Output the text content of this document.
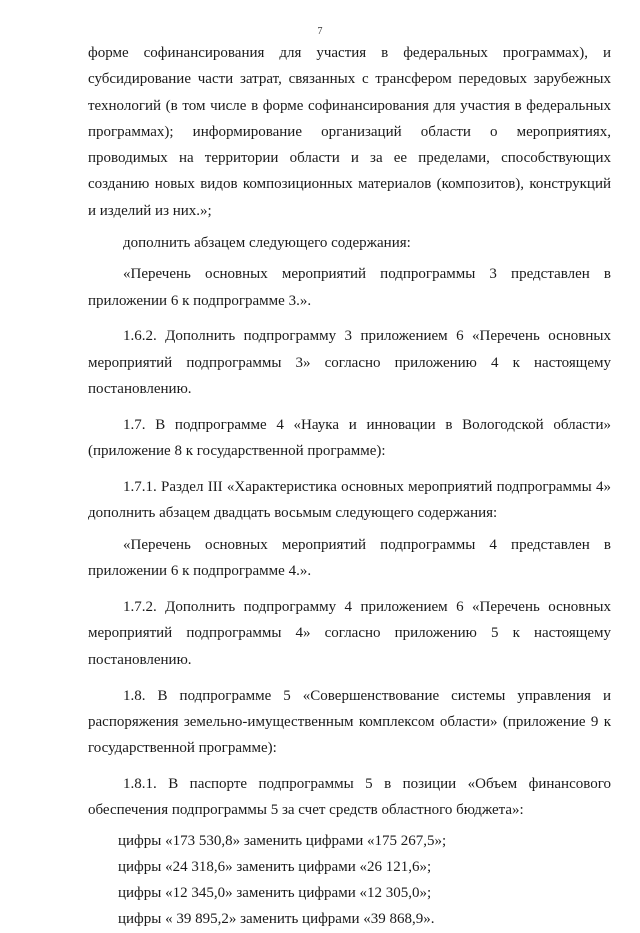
7

форме софинансирования для участия в федеральных программах), и субсидирование части затрат, связанных с трансфером передовых зарубежных технологий (в том числе в форме софинансирования для участия в федеральных программах); информирование организаций области о мероприятиях, проводимых на территории области и за ее пределами, способствующих созданию новых видов композиционных материалов (композитов), конструкций и изделий из них.»;

дополнить абзацем следующего содержания:

«Перечень основных мероприятий подпрограммы 3 представлен в приложении 6 к подпрограмме 3.».

1.6.2. Дополнить подпрограмму 3 приложением 6 «Перечень основных мероприятий подпрограммы 3» согласно приложению 4 к настоящему постановлению.

1.7. В подпрограмме 4 «Наука и инновации в Вологодской области» (приложение 8 к государственной программе):

1.7.1. Раздел III «Характеристика основных мероприятий подпрограммы 4» дополнить абзацем двадцать восьмым следующего содержания:

«Перечень основных мероприятий подпрограммы 4 представлен в приложении 6 к подпрограмме 4.».

1.7.2. Дополнить подпрограмму 4 приложением 6 «Перечень основных мероприятий подпрограммы 4» согласно приложению 5 к настоящему постановлению.

1.8. В подпрограмме 5 «Совершенствование системы управления и распоряжения земельно-имущественным комплексом области» (приложение 9 к государственной программе):

1.8.1. В паспорте подпрограммы 5 в позиции «Объем финансового обеспечения подпрограммы 5 за счет средств областного бюджета»:

цифры «173 530,8» заменить цифрами «175 267,5»;

цифры «24 318,6» заменить цифрами «26 121,6»;

цифры «12 345,0» заменить цифрами «12 305,0»;

цифры « 39 895,2» заменить цифрами «39 868,9».
